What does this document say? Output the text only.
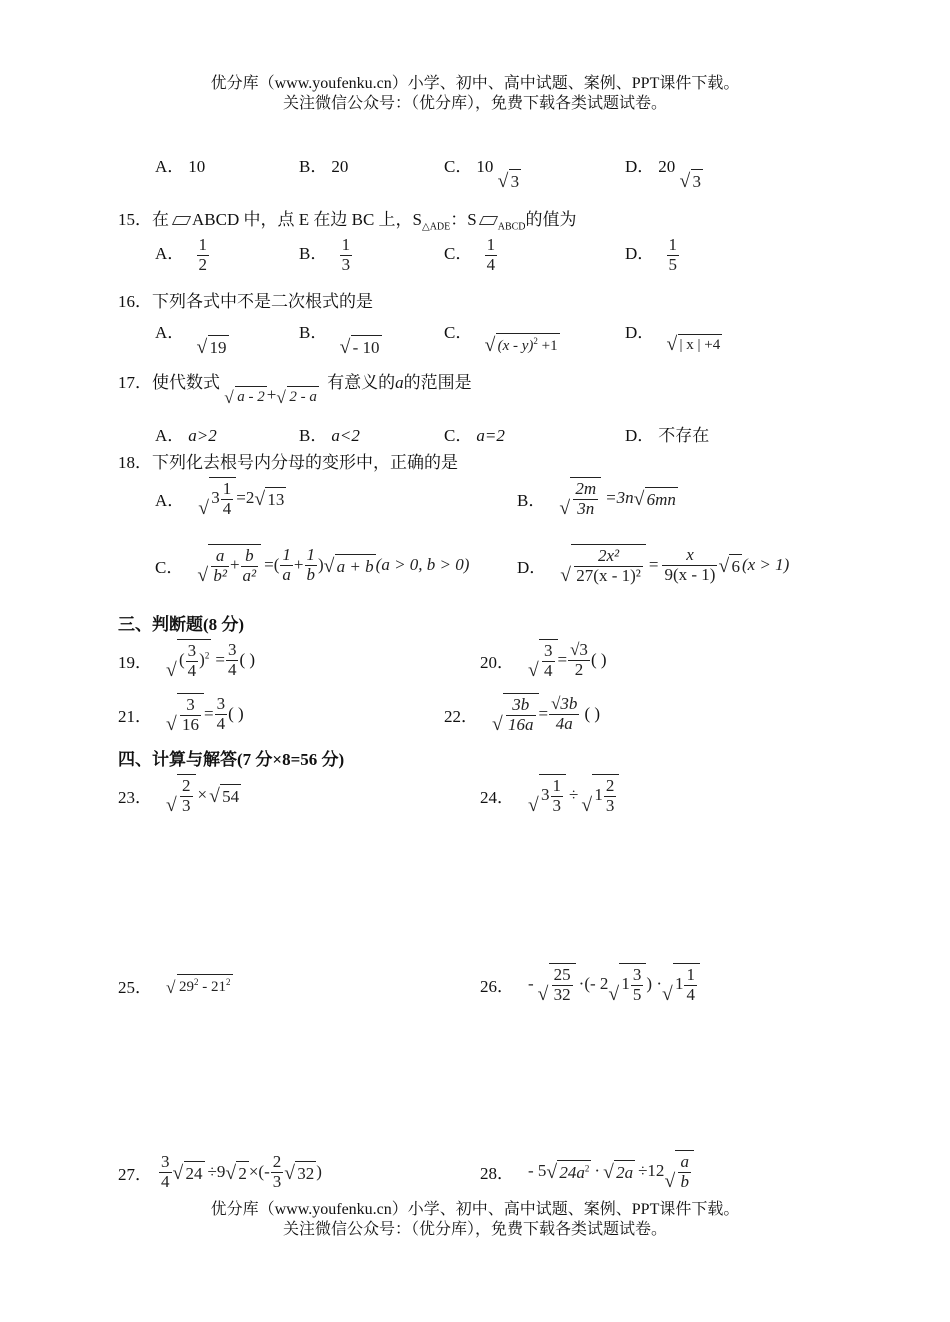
优分库（www.youfenku.cn）小学、初中、高中试题、案例、PPT课件下载。
关注微信公众号：（优分库），免费下载各类试题试卷。
A． 10	B． 20	C． 10 √ 3
D． 20 √ 3
15．在 ABCD 中，点 E 在边 BC 上，$S_{\triangle ADE}$：S $_{ABCD}$的值为
A． $\frac{1}{2}$	B． $\frac{1}{3}$	C． $\frac{1}{4}$	D． $\frac{1}{5}$
16．下列各式中不是二次根式的是
A． √ 19
B． √ - 10
C． √ (x - y)$^2$ +1
D． √ | x | +4
17．使代数式 √ a - 2 + √ 2 - a 有意义的a的范围是
A． a>2	B． a<2	C． a=2	D． 不存在
18．下列化去根号内分母的变形中，正确的是
A．	√ $3 \frac{1}{4} =2$ √ 13	B． √ $\frac{2m}{3n} =3n$ √ 6mn
C． √ $\frac{a}{\text{b²}} + \frac{b}{\text{a²}}$ =( $\frac{1}{a} + \frac{1}{b}$ ) √ a + b (a > 0, b > 0)	D． √ $\frac{\text{2x²}}{\text{27(x - 1)²}} = \frac{x}{9(x - 1)}$ √ 6 (x > 1)
三、判断题(8 分)
19．	√ ( $\frac{3}{4} )^2 = \frac{3}{4}$ ( )	20． √ $\frac{3}{4} = \frac{√3}{2}$ ( )
21． √ $\frac{3}{16} = \frac{3}{4}$ ( )	22． √ $\frac{3b}{16a} = \frac{√3b}{4a}$ ( )
四、计算与解答(7 分×8=56 分)
23． √ $\frac{2}{3}$ × √ 54	24．	√ $3 \frac{1}{3}$ ÷ √ $1 \frac{2}{3}$
25．	√ $29^2 - 21^2$	26． - √ $\frac{25}{32}$ ·(- 2 √ $1 \frac{3}{5}$ ) · √ $1 \frac{1}{4}$
27． $\frac{3}{4}$ √ 24 ÷9 √ 2 ×(- $\frac{2}{3}$ √ 32 )	28． - 5 √ $24a^2$ · √ 2a ÷12 √ $\frac{a}{b}$
优分库（www.youfenku.cn）小学、初中、高中试题、案例、PPT课件下载。
关注微信公众号：（优分库），免费下载各类试题试卷。
